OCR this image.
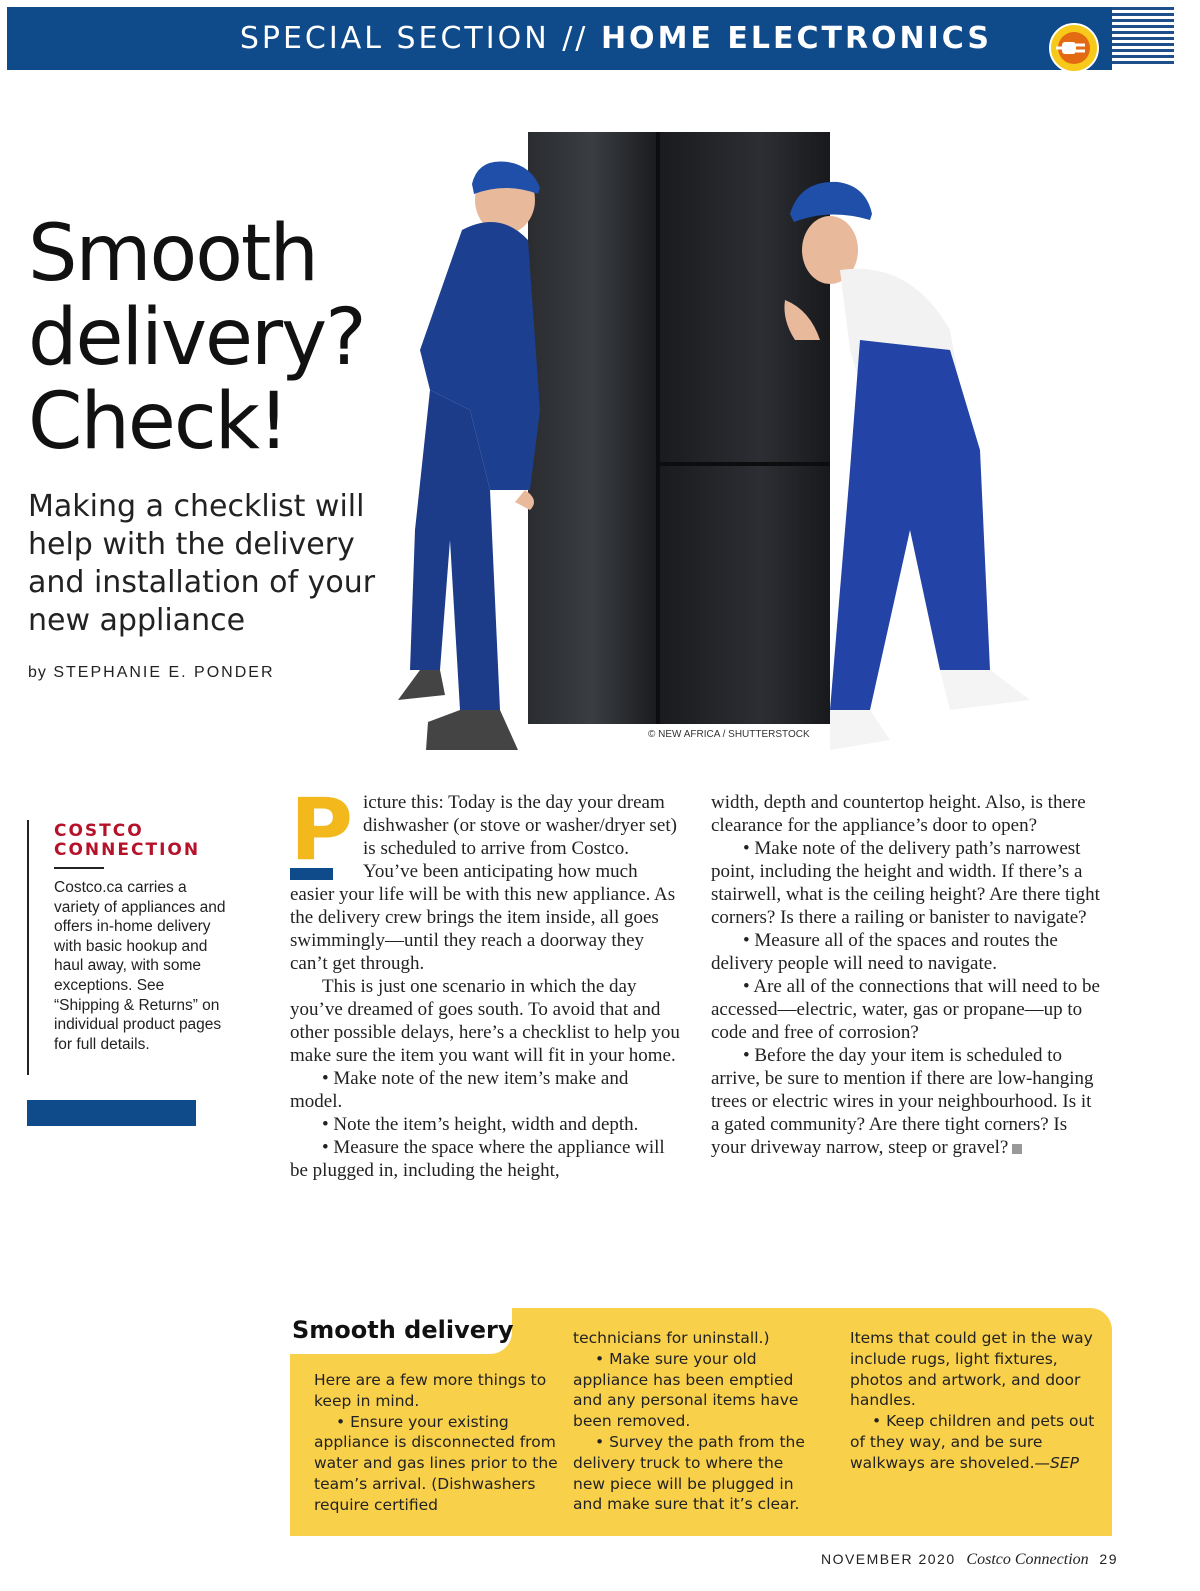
SPECIAL SECTION // HOME ELECTRONICS
Smooth
delivery?
Check!
Making a checklist will help with the delivery and installation of your new appliance
by STEPHANIE E. PONDER
© NEW AFRICA / SHUTTERSTOCK
COSTCO
CONNECTION
Costco.ca carries a variety of appliances and offers in-home delivery with basic hookup and haul away, with some exceptions. See “Shipping & Returns” on individual product pages for full details.

Picture this: Today is the day your dream dishwasher (or stove or washer/dryer set) is scheduled to arrive from Costco. You’ve been anticipating how much easier your life will be with this new appliance. As the delivery crew brings the item inside, all goes swimmingly—until they reach a doorway they can’t get through.

This is just one scenario in which the day you’ve dreamed of goes south. To avoid that and other possible delays, here’s a checklist to help you make sure the item you want will fit in your home.

• Make note of the new item’s make and model.

• Note the item’s height, width and depth.

• Measure the space where the appliance will be plugged in, including the height,

width, depth and countertop height. Also, is there clearance for the appliance’s door to open?

• Make note of the delivery path’s narrowest point, including the height and width. If there’s a stairwell, what is the ceiling height? Are there tight corners? Is there a railing or banister to navigate?

• Measure all of the spaces and routes the delivery people will need to navigate.

• Are all of the connections that will need to be accessed—electric, water, gas or propane—up to code and free of corrosion?

• Before the day your item is scheduled to arrive, be sure to mention if there are low-hanging trees or electric wires in your neighbourhood. Is it a gated community? Are there tight corners? Is your driveway narrow, steep or gravel?

Smooth delivery

Here are a few more things to keep in mind.

• Ensure your existing appliance is disconnected from water and gas lines prior to the team’s arrival. (Dishwashers require certified

technicians for uninstall.)

• Make sure your old appliance has been emptied and any personal items have been removed.

• Survey the path from the delivery truck to where the new piece will be plugged in and make sure that it’s clear.

Items that could get in the way include rugs, light fixtures, photos and artwork, and door handles.

• Keep children and pets out of they way, and be sure walkways are shoveled.—SEP

NOVEMBER 2020 Costco Connection 29
